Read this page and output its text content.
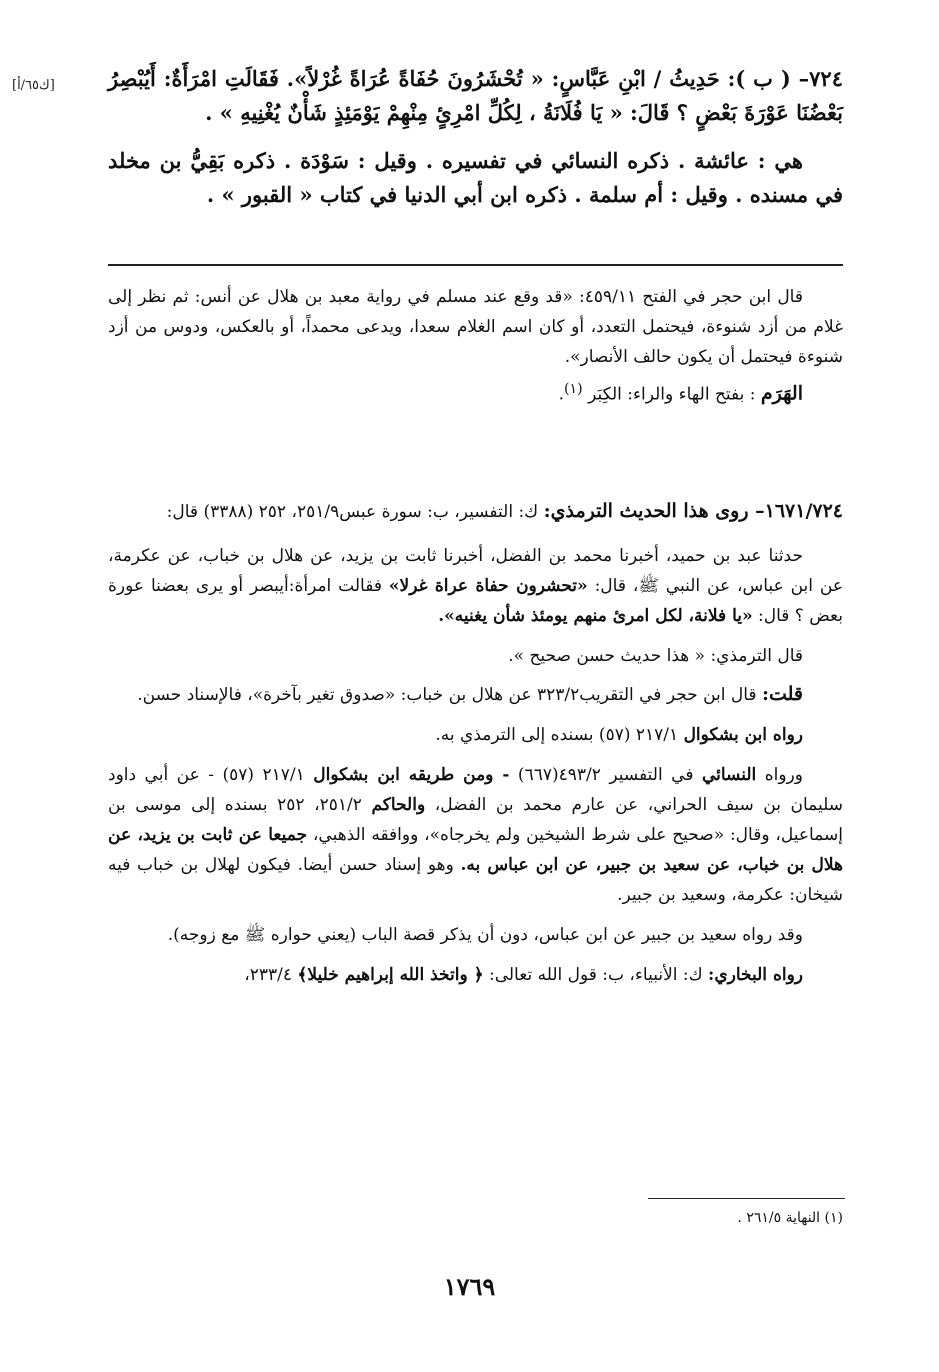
[ك٦٥/أ]	٧٢٤– ( ب ): حَدِيثُ / ابْنِ عَبَّاسٍ: « تُحْشَرُونَ حُفَاةً عُرَاةً غُرْلاً». فَقَالَتِ امْرَأَةٌ: أَيُبْصِرُ بَعْضُنَا عَوْرَةَ بَعْضٍ ؟ قَالَ: « يَا فُلَانَةُ ، لِكُلِّ امْرِئٍ مِنْهِمْ يَوْمَئِذٍ شَأْنٌ يُغْنِيهِ » .

هي : عائشة . ذكره النسائي في تفسيره . وقيل : سَوْدَة . ذكره بَقِيُّ بن مخلد في مسنده . وقيل : أم سلمة . ذكره ابن أبي الدنيا في كتاب « القبور » .

قال ابن حجر في الفتح ٤٥٩/١١: «قد وقع عند مسلم في رواية معبد بن هلال عن أنس: ثم نظر إلى غلام من أزد شنوءة، فيحتمل التعدد، أو كان اسم الغلام سعدا، ويدعى محمداً، أو بالعكس، ودوس من أزد شنوءة فيحتمل أن يكون حالف الأنصار».

الهَرَم : بفتح الهاء والراء: الكِبَر $^{(١)}$.

١٦٧١/٧٢٤– روى هذا الحديث الترمذي: ك: التفسير، ب: سورة عبس٢٥١/٩، ٢٥٢ (٣٣٨٨) قال:

حدثنا عبد بن حميد، أخبرنا محمد بن الفضل، أخبرنا ثابت بن يزيد، عن هلال بن خباب، عن عكرمة، عن ابن عباس، عن النبي ﷺ، قال: «تحشرون حفاة عراة غرلا» فقالت امرأة:أيبصر أو يرى بعضنا عورة بعض ؟ قال: «يا فلانة، لكل امرئ منهم يومئذ شأن يغنيه».

قال الترمذي: « هذا حديث حسن صحيح ».

قلت: قال ابن حجر في التقريب٣٢٣/٢ عن هلال بن خباب: «صدوق تغير بآخرة»، فالإسناد حسن.

رواه ابن بشكوال ٢١٧/١ (٥٧) بسنده إلى الترمذي به.

ورواه النسائي في التفسير ٤٩٣/٢(٦٦٧) - ومن طريقه ابن بشكوال ٢١٧/١ (٥٧) - عن أبي داود سليمان بن سيف الحراني، عن عارم محمد بن الفضل، والحاكم ٢٥١/٢، ٢٥٢ بسنده إلى موسى بن إسماعيل، وقال: «صحيح على شرط الشيخين ولم يخرجاه»، ووافقه الذهبي، جميعا عن ثابت بن يزيد، عن هلال بن خباب، عن سعيد بن جبير، عن ابن عباس به. وهو إسناد حسن أيضا. فيكون لهلال بن خباب فيه شيخان: عكرمة، وسعيد بن جبير.

وقد رواه سعيد بن جبير عن ابن عباس، دون أن يذكر قصة الباب (يعني حواره ﷺ مع زوجه).

رواه البخاري: ك: الأنبياء، ب: قول الله تعالى: ﴿ واتخذ الله إبراهيم خليلا﴾ ٢٣٣/٤،

(١) النهاية ٢٦١/٥ .
١٧٦٩
